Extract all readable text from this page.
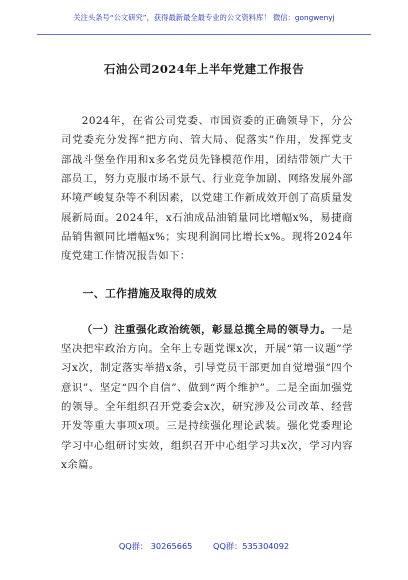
关注头条号“公文研究”，获得最新最全最专业的公文资料库！ 微信：gongwenyj
石油公司2024年上半年党建工作报告

2024年，在省公司党委、市国资委的正确领导下，分公司党委充分发挥“把方向、管大局、促落实”作用，发挥党支部战斗堡垒作用和x多名党员先锋模范作用，团结带领广大干部员工，努力克服市场不景气、行业竞争加剧、网络发展外部环境严峻复杂等不利因素，以党建工作新成效开创了高质量发展新局面。2024年，x石油成品油销量同比增幅x%，易捷商品销售额同比增幅x%；实现利润同比增长x%。现将2024年度党建工作情况报告如下：

一、工作措施及取得的成效

（一）注重强化政治统领，彰显总揽全局的领导力。一是坚决把牢政治方向。全年上专题党课x次，开展“第一议题”学习x次，制定落实举措x条，引导党员干部更加自觉增强“四个意识”、坚定“四个自信”、做到“两个维护”。二是全面加强党的领导。全年组织召开党委会x次，研究涉及公司改革、经营开发等重大事项x项。三是持续强化理论武装。强化党委理论学习中心组研讨实效，组织召开中心组学习共x次，学习内容x余篇。

QQ群： 30265665	QQ群：535304092
